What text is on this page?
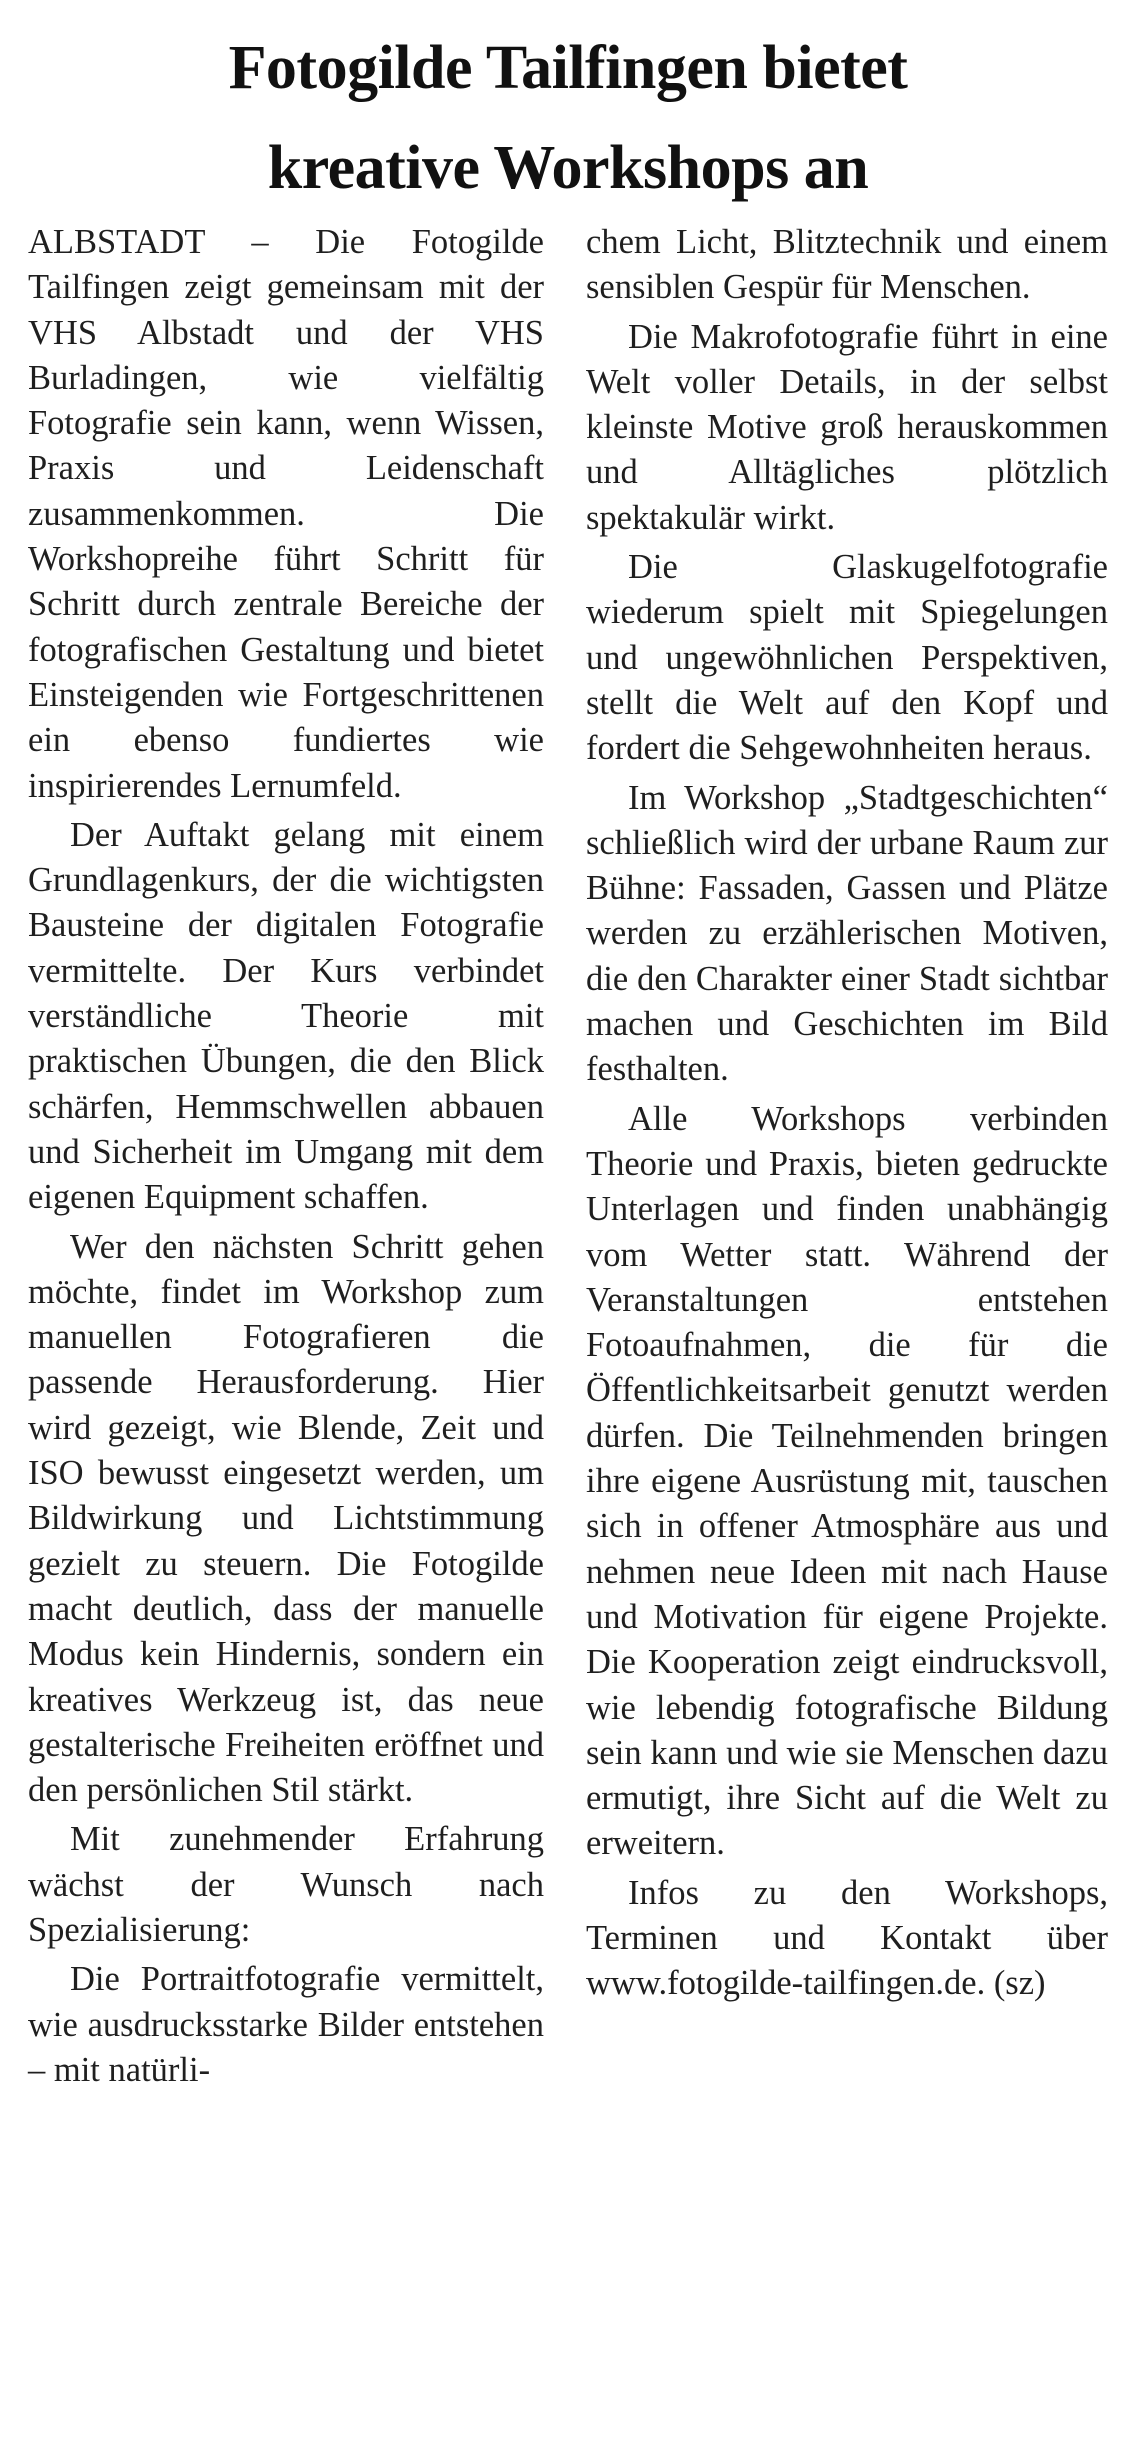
Fotogilde Tailfingen bietet
kreative Workshops an

ALBSTADT – Die Fotogilde Tailfingen zeigt gemeinsam mit der VHS Albstadt und der VHS Burladingen, wie vielfältig Fotografie sein kann, wenn Wissen, Praxis und Leidenschaft zusammenkommen. Die Workshopreihe führt Schritt für Schritt durch zentrale Bereiche der fotografischen Gestaltung und bietet Einsteigenden wie Fortgeschrittenen ein ebenso fundiertes wie inspirierendes Lernumfeld.

Der Auftakt gelang mit einem Grundlagenkurs, der die wichtigsten Bausteine der digitalen Fotografie vermittelte. Der Kurs verbindet verständliche Theorie mit praktischen Übungen, die den Blick schärfen, Hemmschwellen abbauen und Sicherheit im Umgang mit dem eigenen Equipment schaffen.

Wer den nächsten Schritt gehen möchte, findet im Workshop zum manuellen Fotografieren die passende Herausforderung. Hier wird gezeigt, wie Blende, Zeit und ISO bewusst eingesetzt werden, um Bildwirkung und Lichtstimmung gezielt zu steuern. Die Fotogilde macht deutlich, dass der manuelle Modus kein Hindernis, sondern ein kreatives Werkzeug ist, das neue gestalterische Freiheiten eröffnet und den persönlichen Stil stärkt.

Mit zunehmender Erfahrung wächst der Wunsch nach Spezialisierung:

Die Portraitfotografie vermittelt, wie ausdrucksstarke Bilder entstehen – mit natürli-

chem Licht, Blitztechnik und einem sensiblen Gespür für Menschen.

Die Makrofotografie führt in eine Welt voller Details, in der selbst kleinste Motive groß herauskommen und Alltägliches plötzlich spektakulär wirkt.

Die Glaskugelfotografie wiederum spielt mit Spiegelungen und ungewöhnlichen Perspektiven, stellt die Welt auf den Kopf und fordert die Sehgewohnheiten heraus.

Im Workshop „Stadtgeschichten“ schließlich wird der urbane Raum zur Bühne: Fassaden, Gassen und Plätze werden zu erzählerischen Motiven, die den Charakter einer Stadt sichtbar machen und Geschichten im Bild festhalten.

Alle Workshops verbinden Theorie und Praxis, bieten gedruckte Unterlagen und finden unabhängig vom Wetter statt. Während der Veranstaltungen entstehen Fotoaufnahmen, die für die Öffentlichkeitsarbeit genutzt werden dürfen. Die Teilnehmenden bringen ihre eigene Ausrüstung mit, tauschen sich in offener Atmosphäre aus und nehmen neue Ideen mit nach Hause und Motivation für eigene Projekte. Die Kooperation zeigt eindrucksvoll, wie lebendig fotografische Bildung sein kann und wie sie Menschen dazu ermutigt, ihre Sicht auf die Welt zu erweitern.

Infos zu den Workshops, Terminen und Kontakt über www.fotogilde-tailfingen.de. (sz)
